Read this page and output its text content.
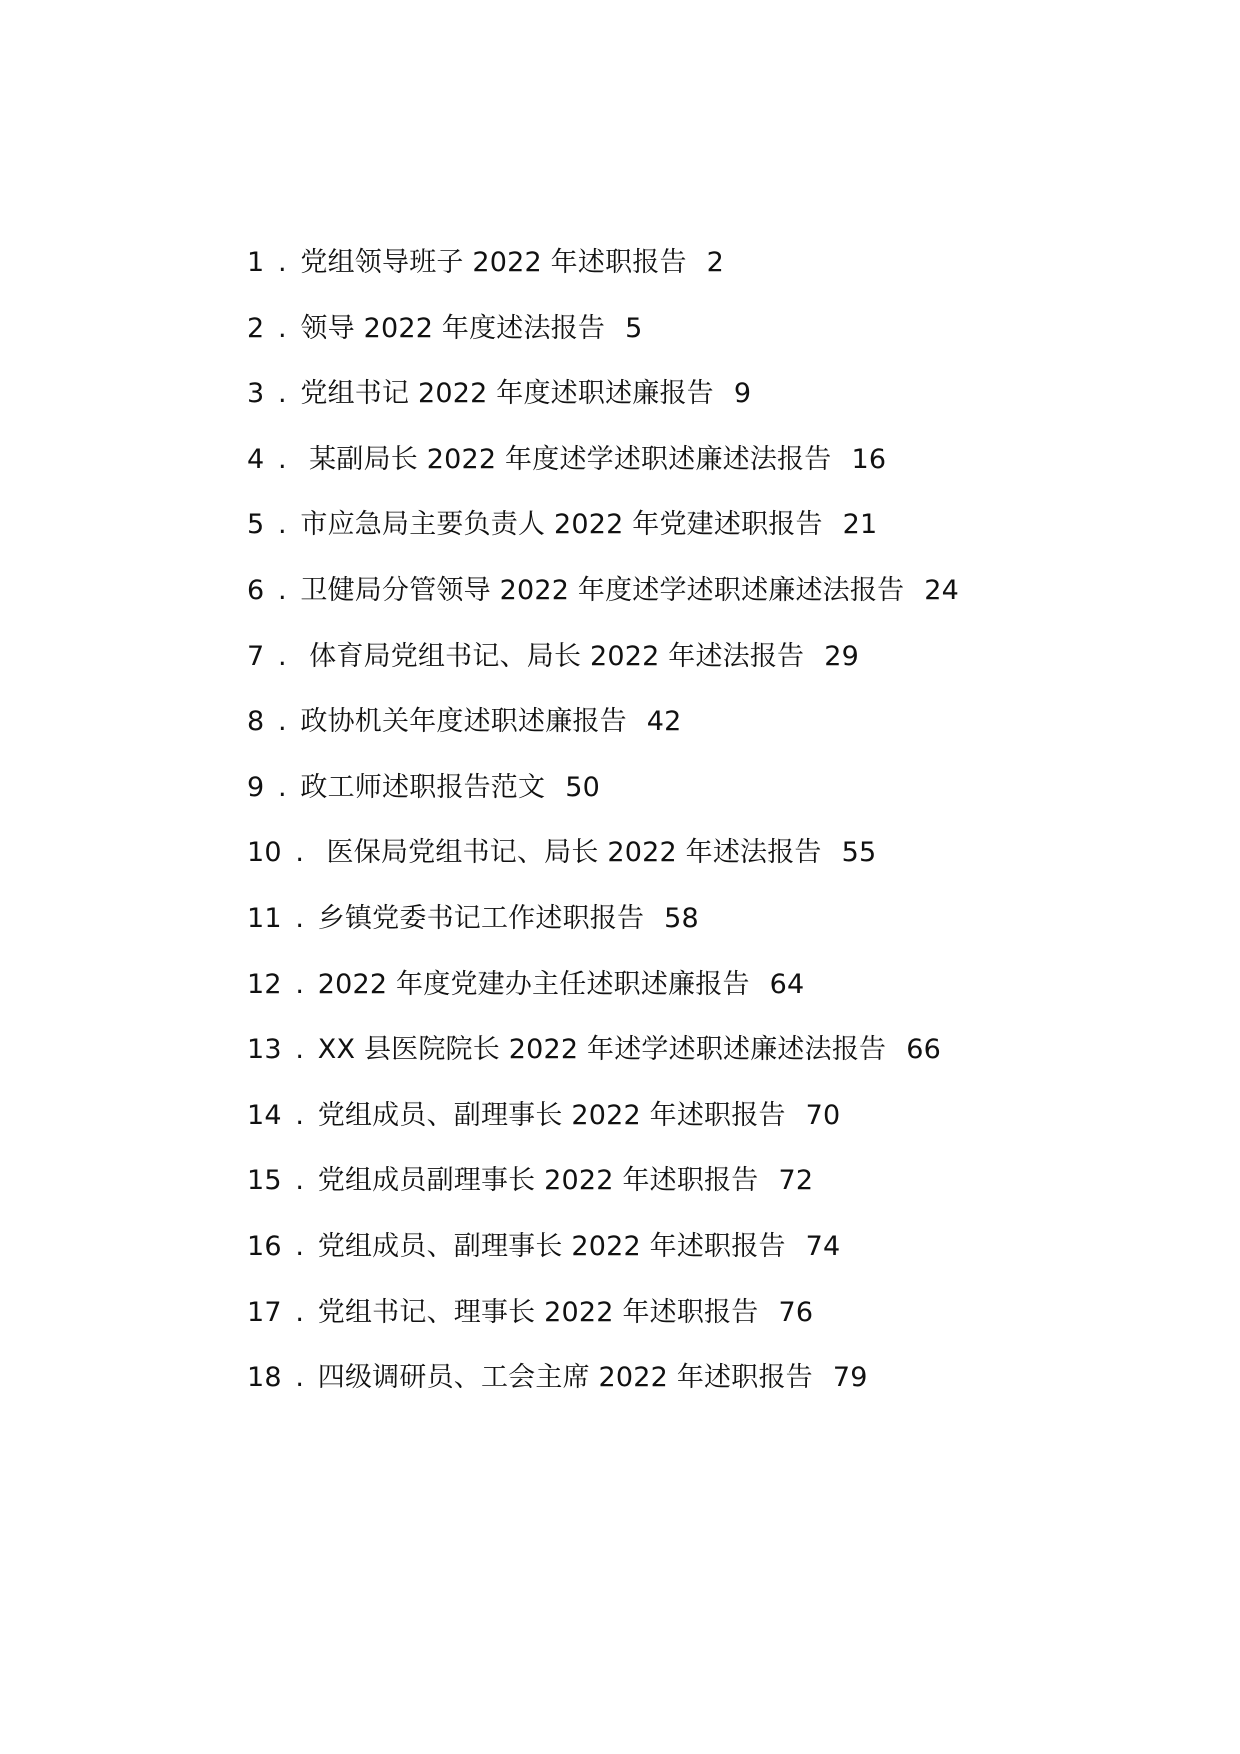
1 . 党组领导班子 2022 年述职报告 2
2 . 领导 2022 年度述法报告 5
3 . 党组书记 2022 年度述职述廉报告 9
4 . 某副局长 2022 年度述学述职述廉述法报告 16
5 . 市应急局主要负责人 2022 年党建述职报告 21
6 . 卫健局分管领导 2022 年度述学述职述廉述法报告 24
7 . 体育局党组书记、局长 2022 年述法报告 29
8 . 政协机关年度述职述廉报告 42
9 . 政工师述职报告范文 50
10 . 医保局党组书记、局长 2022 年述法报告 55
11 . 乡镇党委书记工作述职报告 58
12 . 2022 年度党建办主任述职述廉报告 64
13 . XX 县医院院长 2022 年述学述职述廉述法报告 66
14 . 党组成员、副理事长 2022 年述职报告 70
15 . 党组成员副理事长 2022 年述职报告 72
16 . 党组成员、副理事长 2022 年述职报告 74
17 . 党组书记、理事长 2022 年述职报告 76
18 . 四级调研员、工会主席 2022 年述职报告 79
